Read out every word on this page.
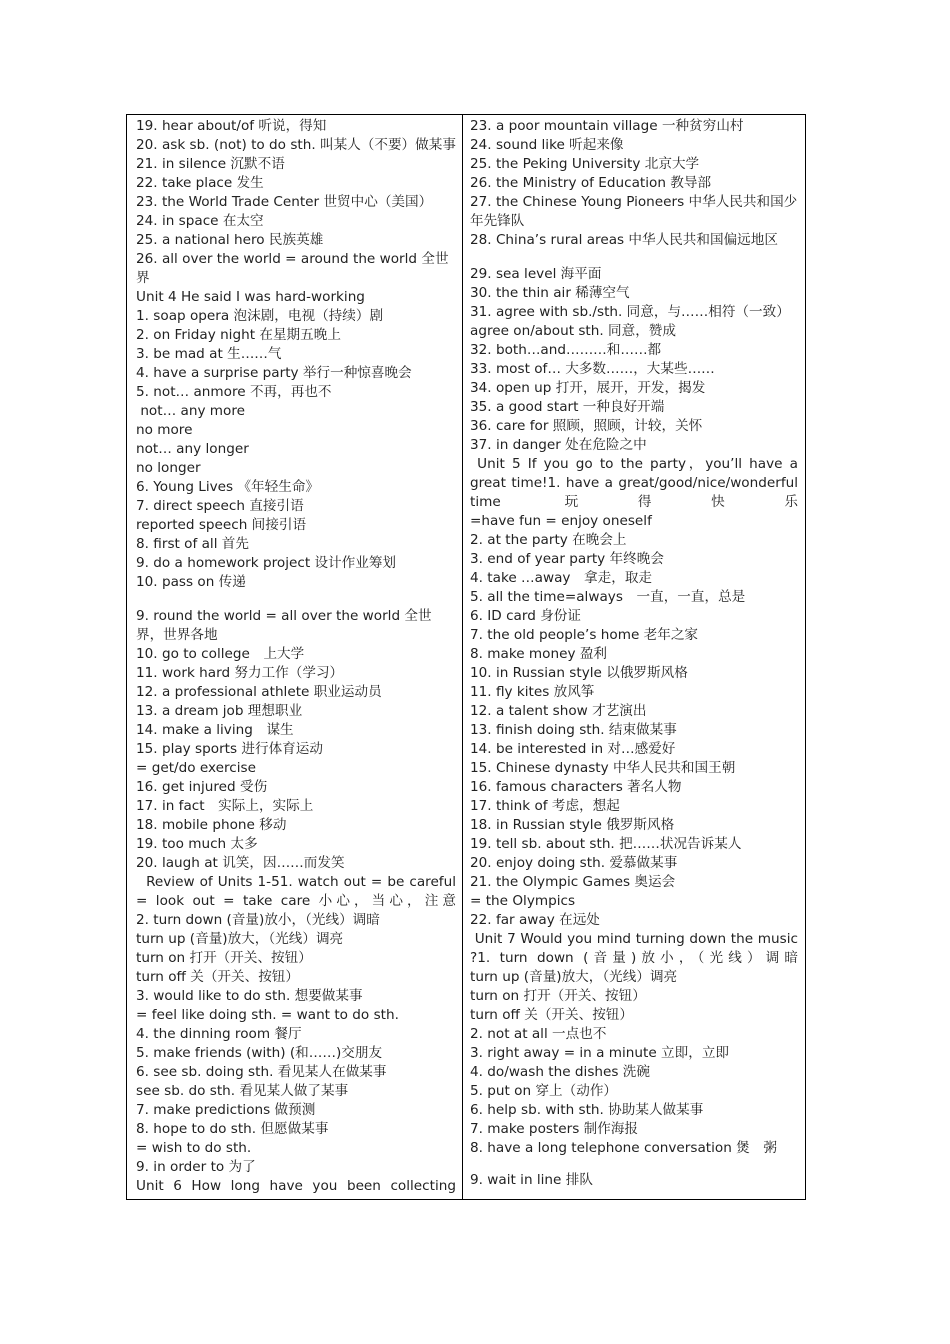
19. hear about/of 听说，得知
20. ask sb. (not) to do sth. 叫某人（不要）做某事
21. in silence 沉默不语
22. take place 发生
23. the World Trade Center 世贸中心（美国）
24. in space 在太空
25. a national hero 民族英雄
26. all over the world = around the world 全世界
Unit 4 He said I was hard-working
1. soap opera 泡沫剧，电视（持续）剧
2. on Friday night 在星期五晚上
3. be mad at 生……气
4. have a surprise party 举行一种惊喜晚会
5. not… anmore 不再，再也不
not… any more
no more
not… any longer
no longer
6. Young Lives 《年轻生命》
7. direct speech 直接引语
reported speech 间接引语
8. first of all 首先
9. do a homework project 设计作业筹划
10. pass on 传递
9. round the world = all over the world 全世界，世界各地
10. go to college　上大学
11. work hard 努力工作（学习）
12. a professional athlete 职业运动员
13. a dream job 理想职业
14. make a living　谋生
15. play sports 进行体育运动
= get/do exercise
16. get injured 受伤
17. in fact　实际上，实际上
18. mobile phone 移动
19. too much 太多
20. laugh at 讥笑，因……而发笑
Review of Units 1-51. watch out = be careful = look out = take care 小心，当心，注意
2. turn down (音量)放小，（光线）调暗
turn up (音量)放大，（光线）调亮
turn on 打开（开关、按钮）
turn off 关（开关、按钮）
3. would like to do sth. 想要做某事
= feel like doing sth. = want to do sth.
4. the dinning room 餐厅
5. make friends (with) (和……)交朋友
6. see sb. doing sth. 看见某人在做某事
see sb. do sth. 看见某人做了某事
7. make predictions 做预测
8. hope to do sth. 但愿做某事
= wish to do sth.
9. in order to 为了
Unit 6 How long have you been collecting
23. a poor mountain village 一种贫穷山村
24. sound like 听起来像
25. the Peking University 北京大学
26. the Ministry of Education 教导部
27. the Chinese Young Pioneers 中华人民共和国少年先锋队
28. China’s rural areas 中华人民共和国偏远地区
29. sea level 海平面
30. the thin air 稀薄空气
31. agree with sb./sth. 同意，与……相符（一致）
agree on/about sth. 同意，赞成
32. both…and………和……都
33. most of… 大多数……，大某些……
34. open up 打开，展开，开发，揭发
35. a good start 一种良好开端
36. care for 照顾，照顾，计较，关怀
37. in danger 处在危险之中
Unit 5 If you go to the party，you’ll have a great time!1. have a great/good/nice/wonderful time 玩得快乐
=have fun = enjoy oneself
2. at the party 在晚会上
3. end of year party 年终晚会
4. take …away　拿走，取走
5. all the time=always　一直，一直，总是
6. ID card 身份证
7. the old people’s home 老年之家
8. make money 盈利
10. in Russian style 以俄罗斯风格
11. fly kites 放风筝
12. a talent show 才艺演出
13. finish doing sth. 结束做某事
14. be interested in 对…感爱好
15. Chinese dynasty 中华人民共和国王朝
16. famous characters 著名人物
17. think of 考虑，想起
18. in Russian style 俄罗斯风格
19. tell sb. about sth. 把……状况告诉某人
20. enjoy doing sth. 爱慕做某事
21. the Olympic Games 奥运会
= the Olympics
22. far away 在远处
Unit 7 Would you mind turning down the music ?1. turn down (音量)放小，（光线）调暗
turn up (音量)放大，（光线）调亮
turn on 打开（开关、按钮）
turn off 关（开关、按钮）
2. not at all 一点也不
3. right away = in a minute 立即，立即
4. do/wash the dishes 洗碗
5. put on 穿上（动作）
6. help sb. with sth. 协助某人做某事
7. make posters 制作海报
8. have a long telephone conversation 煲　粥
9. wait in line 排队
